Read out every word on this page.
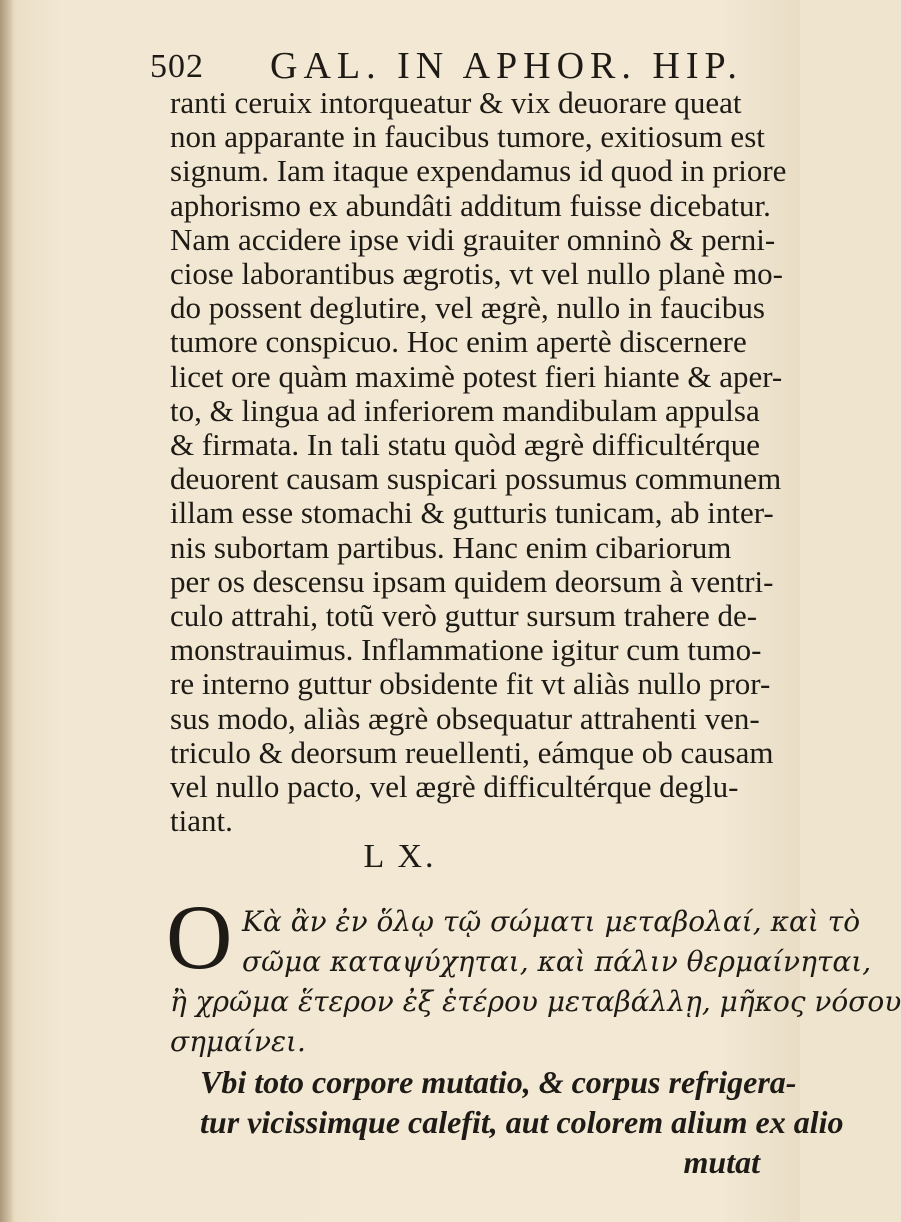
502 GAL. IN APHOR. HIP.
ranti ceruix intorqueatur & vix deuorare queat
non apparante in faucibus tumore, exitiosum est
signum. Iam itaque expendamus id quod in priore
aphorismo ex abundâti additum fuisse dicebatur.
Nam accidere ipse vidi grauiter omninò & perni-
ciose laborantibus ægrotis, vt vel nullo planè mo-
do possent deglutire, vel ægrè, nullo in faucibus
tumore conspicuo. Hoc enim apertè discernere
licet ore quàm maximè potest fieri hiante & aper-
to, & lingua ad inferiorem mandibulam appulsa
& firmata. In tali statu quòd ægrè difficultérque
deuorent causam suspicari possumus communem
illam esse stomachi & gutturis tunicam, ab inter-
nis subortam partibus. Hanc enim cibariorum
per os descensu ipsam quidem deorsum à ventri-
culo attrahi, totũ verò guttur sursum trahere de-
monstrauimus. Inflammatione igitur cum tumo-
re interno guttur obsidente fit vt aliàs nullo pror-
sus modo, aliàs ægrè obsequatur attrahenti ven-
triculo & deorsum reuellenti, eámque ob causam
vel nullo pacto, vel ægrè difficultérque deglu-
tiant.
L X.
O Κὰ ἂν ἐν ὅλῳ τῷ σώματι μεταβολαί, καὶ τὸ
σῶμα καταψύχηται, καὶ πάλιν θερμαίνηται,
ἢ χρῶμα ἕτερον ἐξ ἑτέρου μεταβάλλῃ, μῆκος νόσου
σημαίνει.
Vbi toto corpore mutatio, & corpus refrigera-
tur vicissimque calefit, aut colorem alium ex alio
mutat
